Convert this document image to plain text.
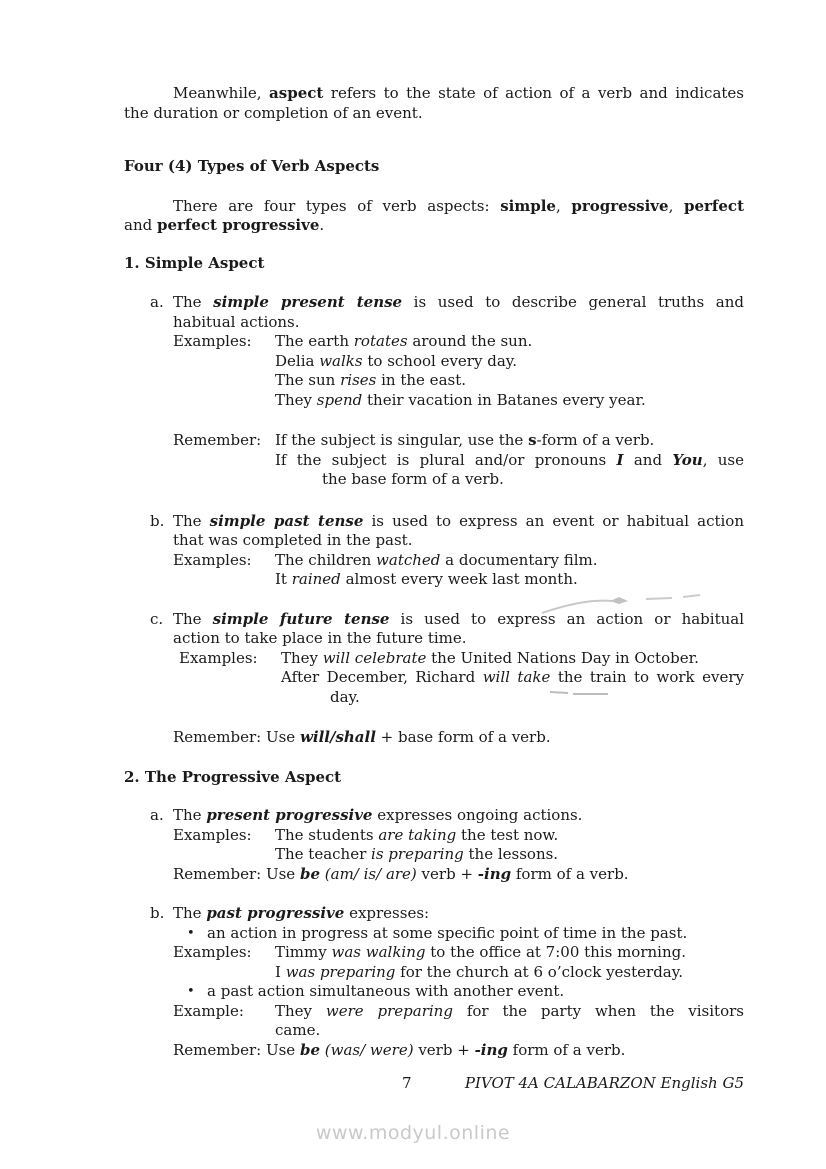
Meanwhile, aspect refers to the state of action of a verb and indicates
the duration or completion of an event.
Four (4) Types of Verb Aspects
There are four types of verb aspects: simple, progressive, perfect
and perfect progressive.
1. Simple Aspect
a. The simple present tense is used to describe general truths and
habitual actions.
Examples:	The earth rotates around the sun.
Delia walks to school every day.
The sun rises in the east.
They spend their vacation in Batanes every year.
Remember: If the subject is singular, use the s-form of a verb.
If the subject is plural and/or pronouns I and You, use
the base form of a verb.
b. The simple past tense is used to express an event or habitual action
that was completed in the past.
Examples:	The children watched a documentary film.
It rained almost every week last month.
c. The simple future tense is used to express an action or habitual
action to take place in the future time.
Examples:	They will celebrate the United Nations Day in October.
After December, Richard will take the train to work every
day.
Remember: Use will/shall + base form of a verb.
2. The Progressive Aspect
a. The present progressive expresses ongoing actions.
Examples:	The students are taking the test now.
The teacher is preparing the lessons.
Remember: Use be (am/ is/ are) verb + -ing form of a verb.
b. The past progressive expresses:
• an action in progress at some specific point of time in the past.
Examples:	Timmy was walking to the office at 7:00 this morning.
I was preparing for the church at 6 o’clock yesterday.
• a past action simultaneous with another event.
Example:	They were preparing for the party when the visitors
came.
Remember: Use be (was/ were) verb + -ing form of a verb.
7	PIVOT 4A CALABARZON English G5
www.modyul.online
